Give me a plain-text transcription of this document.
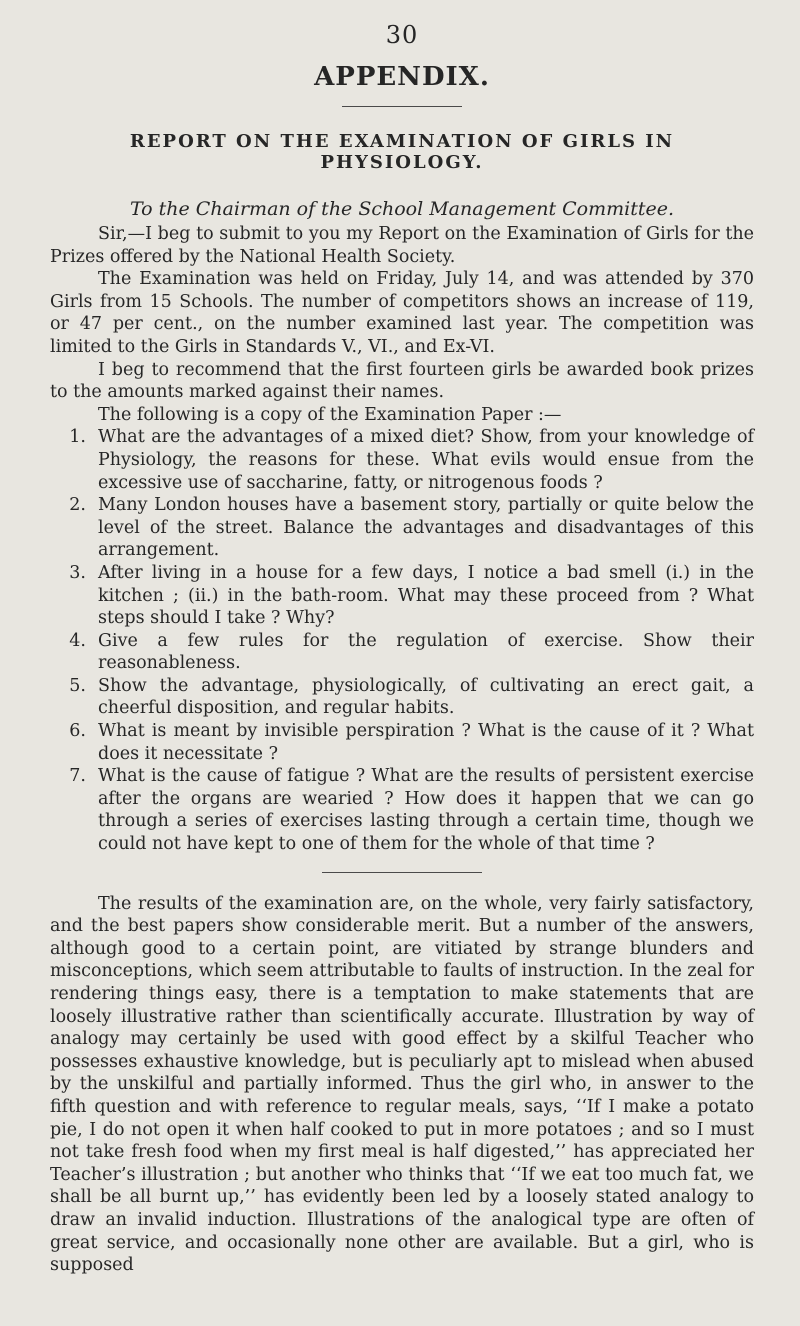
30
APPENDIX.
REPORT ON THE EXAMINATION OF GIRLS IN PHYSIOLOGY.
To the Chairman of the School Management Committee.

Sir,—I beg to submit to you my Report on the Examination of Girls for the Prizes offered by the National Health Society.

The Examination was held on Friday, July 14, and was attended by 370 Girls from 15 Schools. The number of competitors shows an increase of 119, or 47 per cent., on the number examined last year. The competition was limited to the Girls in Standards V., VI., and Ex-VI.

I beg to recommend that the first fourteen girls be awarded book prizes to the amounts marked against their names.

The following is a copy of the Examination Paper :—

1. What are the advantages of a mixed diet? Show, from your knowledge of Physiology, the reasons for these. What evils would ensue from the excessive use of saccharine, fatty, or nitrogenous foods ?
2. Many London houses have a basement story, partially or quite below the level of the street. Balance the advantages and disadvantages of this arrangement.
3. After living in a house for a few days, I notice a bad smell (i.) in the kitchen ; (ii.) in the bath-room. What may these proceed from ? What steps should I take ? Why?
4. Give a few rules for the regulation of exercise. Show their reasonableness.
5. Show the advantage, physiologically, of cultivating an erect gait, a cheerful disposition, and regular habits.
6. What is meant by invisible perspiration ? What is the cause of it ? What does it necessitate ?
7. What is the cause of fatigue ? What are the results of persistent exercise after the organs are wearied ? How does it happen that we can go through a series of exercises lasting through a certain time, though we could not have kept to one of them for the whole of that time ?

The results of the examination are, on the whole, very fairly satisfactory, and the best papers show considerable merit. But a number of the answers, although good to a certain point, are vitiated by strange blunders and misconceptions, which seem attributable to faults of instruction. In the zeal for rendering things easy, there is a temptation to make statements that are loosely illustrative rather than scientifically accurate. Illustration by way of analogy may certainly be used with good effect by a skilful Teacher who possesses exhaustive knowledge, but is peculiarly apt to mislead when abused by the unskilful and partially informed. Thus the girl who, in answer to the fifth question and with reference to regular meals, says, ‘‘If I make a potato pie, I do not open it when half cooked to put in more potatoes ; and so I must not take fresh food when my first meal is half digested,’’ has appreciated her Teacher’s illustration ; but another who thinks that ‘‘If we eat too much fat, we shall be all burnt up,’’ has evidently been led by a loosely stated analogy to draw an invalid induction. Illustrations of the analogical type are often of great service, and occasionally none other are available. But a girl, who is supposed
